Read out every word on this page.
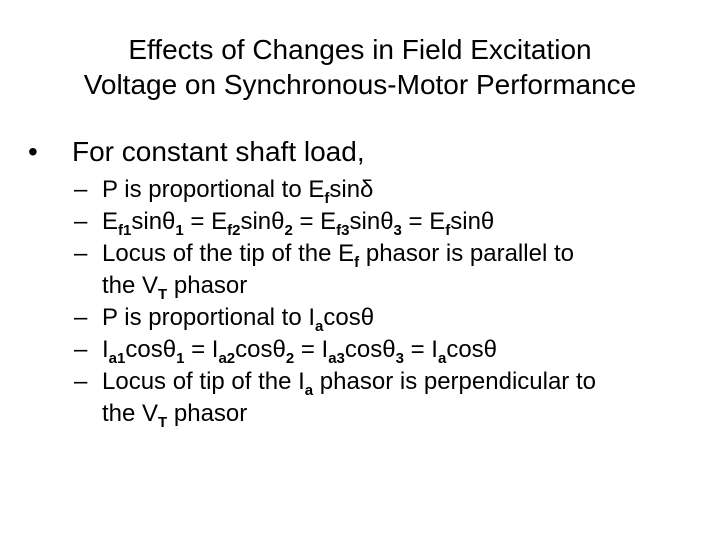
Effects of Changes in Field Excitation
Voltage on Synchronous-Motor Performance
• For constant shaft load,
– P is proportional to $E_f\sin\delta$
– $E_{f1}\sin\theta_1 = E_{f2}\sin\theta_2 = E_{f3}\sin\theta_3 = E_f\sin\theta$
– Locus of the tip of the $E_f$ phasor is parallel to
the $V_T$ phasor
– P is proportional to $I_a\cos\theta$
– $I_{a1}\cos\theta_1 = I_{a2}\cos\theta_2 = I_{a3}\cos\theta_3 = I_a\cos\theta$
– Locus of tip of the $I_a$ phasor is perpendicular to
the $V_T$ phasor
